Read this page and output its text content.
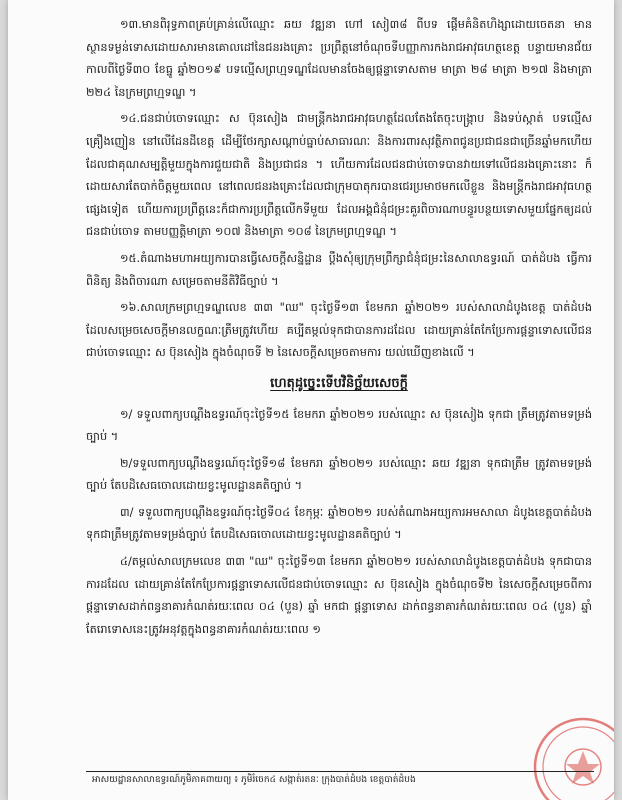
១៣.មានពិរុទ្ធភាពគ្រប់គ្រាន់លើឈ្មោះ ឆយ វឌ្ឍនា ហៅ សៀ៣៨ ពីបទ ផ្ដើមគំនិតហិង្សាដោយចេតនា មានស្ថានទម្ងន់ទោសដោយសារមានគោលដៅនៃជនរងគ្រោះ ប្រព្រឹត្តនៅចំណុចទីបញ្ញាការកងរាជអាវុធហត្ថខេត្ត បន្ទាយមានជ័យ កាលពីថ្ងៃទី៣០ ខែធ្នូ ឆ្នាំ២០១៩ បទល្មើសព្រហ្មទណ្ឌដែលមានចែងឲ្យផ្ដន្ទាទោសតាម មាត្រា ២៨ មាត្រា ២១៧ និងមាត្រា ២២៤ នៃក្រមព្រហ្មទណ្ឌ ។

១៤.ជនជាប់ចោទឈ្មោះ ស ប៊ុនសៀង ជាមន្ត្រីកងរាជអាវុធហត្ថដែលតែងតែចុះបង្ក្រាប និងទប់ស្កាត់ បទល្មើសគ្រឿងញៀន នៅលើដែនដីខេត្ត ដើម្បីថែរក្សាសណ្ដាប់ធ្នាប់សាធារណៈ និងការពារសុវត្ថិភាពជូនប្រជាជនជាច្រើនឆ្នាំមកហើយ ដែលជាគុណសម្បត្តិមួយក្នុងការជួយជាតិ និងប្រជាជន ។ ហើយការដែលជនជាប់ចោទបានវាយទៅលើជនរងគ្រោះនោះ ក៏ដោយសារតែបាក់ចិត្តមួយពេល នៅពេលជនរងគ្រោះដែលជាក្រុមបាតុករបានជេរប្រមាថមកលើខ្លួន និងមន្ត្រីកងរាជអាវុធហត្ថផ្សេងទៀត ហើយការប្រព្រឹត្តនេះក៏ជាការប្រព្រឹត្តលើកទីមួយ ដែលអង្គជំនុំជម្រះគួរពិចារណាបន្ធូរបន្ថយទោសមួយផ្នែកឲ្យដល់ជនជាប់ចោទ តាមបញ្ញត្តិមាត្រា ១០៧ និងមាត្រា ១០៨ នៃក្រមព្រហ្មទណ្ឌ ។

១៥.តំណាងមហាអយ្យការបានធ្វើសេចក្ដីសន្និដ្ឋាន ប្ដឹងសុំឲ្យក្រុមព្រឹក្សាជំនុំជម្រះនៃសាលាឧទ្ធរណ៍ បាត់ដំបង ធ្វើការពិនិត្យ និងពិចារណា សម្រេចតាមនីតិវិធីច្បាប់ ។

១៦.សាលក្រមព្រហ្មទណ្ឌលេខ ៣៣ "ឈ" ចុះថ្ងៃទី១៣ ខែមករា ឆ្នាំ២០២១ របស់សាលាដំបូងខេត្ត បាត់ដំបង ដែលសម្រេចសេចក្ដីមានលក្ខណៈត្រឹមត្រូវហើយ គប្បីតម្កល់ទុកជាបានការដដែល ដោយគ្រាន់តែកែប្រែការផ្ដន្ទាទោសលើជនជាប់ចោទឈ្មោះ ស ប៊ុនសៀង ក្នុងចំណុចទី ២ នៃសេចក្ដីសម្រេចតាមការ យល់ឃើញខាងលើ ។

ហេតុដូច្នេះទើបវិនិច្ឆ័យសេចក្ដី

១/ ទទួលពាក្យបណ្ដឹងឧទ្ធរណ៍ចុះថ្ងៃទី១៥ ខែមករា ឆ្នាំ២០២១ របស់ឈ្មោះ ស ប៊ុនសៀង ទុកជា ត្រឹមត្រូវតាមទម្រង់ច្បាប់ ។

២/ទទួលពាក្យបណ្ដឹងឧទ្ធរណ៍ចុះថ្ងៃទី១៨ ខែមករា ឆ្នាំ២០២១ របស់ឈ្មោះ ឆយ វឌ្ឍនា ទុកជាត្រឹម ត្រូវតាមទម្រង់ច្បាប់ តែបដិសេធចោលដោយខ្វះមូលដ្ឋានគតិច្បាប់ ។

៣/ ទទួលពាក្យបណ្ដឹងឧទ្ធរណ៍ចុះថ្ងៃទី០៤ ខែកុម្ភៈ ឆ្នាំ២០២១ របស់តំណាងអយ្យការអមសាលា ដំបូងខេត្តបាត់ដំបង ទុកជាត្រឹមត្រូវតាមទម្រង់ច្បាប់ តែបដិសេធចោលដោយខ្វះមូលដ្ឋានគតិច្បាប់ ។

៤/តម្កល់សាលក្រមលេខ ៣៣ "ឈ" ចុះថ្ងៃទី១៣ ខែមករា ឆ្នាំ២០២១ របស់សាលាដំបូងខេត្តបាត់ដំបង ទុកជាបានការដដែល ដោយគ្រាន់តែកែប្រែការផ្ដន្ទាទោសលើជនជាប់ចោទឈ្មោះ ស ប៊ុនសៀង ក្នុងចំណុចទី២ នៃសេចក្ដីសម្រេចពីការផ្ដន្ទាទោសដាក់ពន្ធនាគារកំណត់រយៈពេល ០៤ (បួន) ឆ្នាំ មកជា ផ្ដន្ទាទោស ដាក់ពន្ធនាគារកំណត់រយៈពេល ០៤ (បួន) ឆ្នាំ តែរោទោសនេះត្រូវអនុវត្តក្នុងពន្ធនាគារកំណត់រយៈពេល ១

អាសយដ្ឋានសាលាឧទ្ធរណ៍ភូមិភាគពាយព្យ ៖ ភូមិរំចេក៤ សង្កាត់រតនៈ ក្រុងបាត់ដំបង ខេត្តបាត់ដំបង
